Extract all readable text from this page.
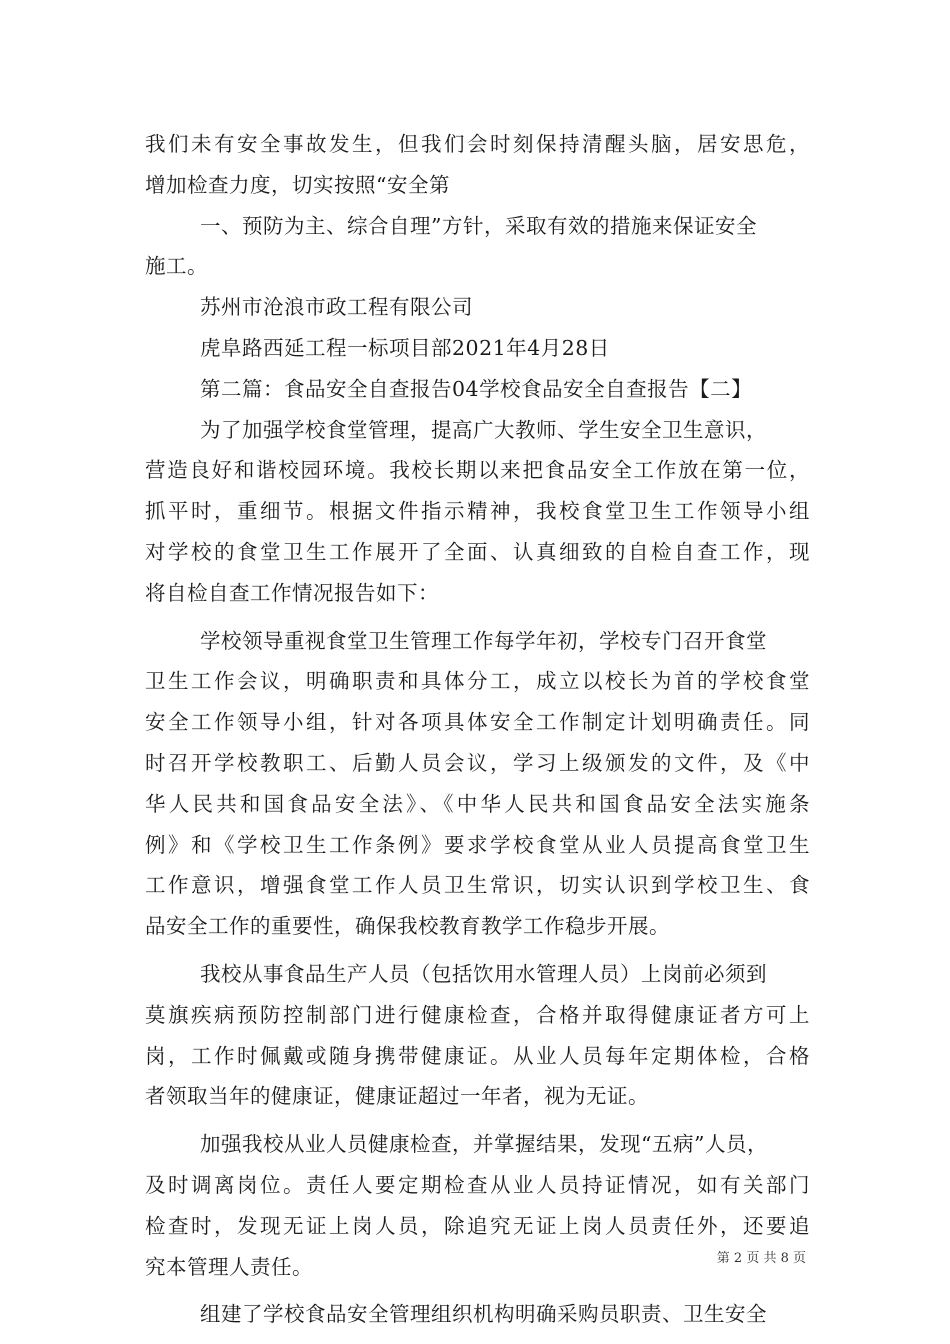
我们未有安全事故发生，但我们会时刻保持清醒头脑，居安思危，
增加检查力度，切实按照“安全第
一、预防为主、综合自理”方针，采取有效的措施来保证安全
施工。
苏州市沧浪市政工程有限公司
虎阜路西延工程一标项目部2021年4月28日
第二篇：食品安全自查报告04学校食品安全自查报告【二】
为了加强学校食堂管理，提高广大教师、学生安全卫生意识，
营造良好和谐校园环境。我校长期以来把食品安全工作放在第一位，
抓平时，重细节。根据文件指示精神，我校食堂卫生工作领导小组
对学校的食堂卫生工作展开了全面、认真细致的自检自查工作，现
将自检自查工作情况报告如下：
学校领导重视食堂卫生管理工作每学年初，学校专门召开食堂
卫生工作会议，明确职责和具体分工，成立以校长为首的学校食堂
安全工作领导小组，针对各项具体安全工作制定计划明确责任。同
时召开学校教职工、后勤人员会议，学习上级颁发的文件，及《中
华人民共和国食品安全法》、《中华人民共和国食品安全法实施条
例》和《学校卫生工作条例》要求学校食堂从业人员提高食堂卫生
工作意识，增强食堂工作人员卫生常识，切实认识到学校卫生、食
品安全工作的重要性，确保我校教育教学工作稳步开展。
我校从事食品生产人员（包括饮用水管理人员）上岗前必须到
莫旗疾病预防控制部门进行健康检查，合格并取得健康证者方可上
岗，工作时佩戴或随身携带健康证。从业人员每年定期体检，合格
者领取当年的健康证，健康证超过一年者，视为无证。
加强我校从业人员健康检查，并掌握结果，发现“五病”人员，
及时调离岗位。责任人要定期检查从业人员持证情况，如有关部门
检查时，发现无证上岗人员，除追究无证上岗人员责任外，还要追
究本管理人责任。
组建了学校食品安全管理组织机构明确采购员职责、卫生安全
第 2 页 共 8 页
